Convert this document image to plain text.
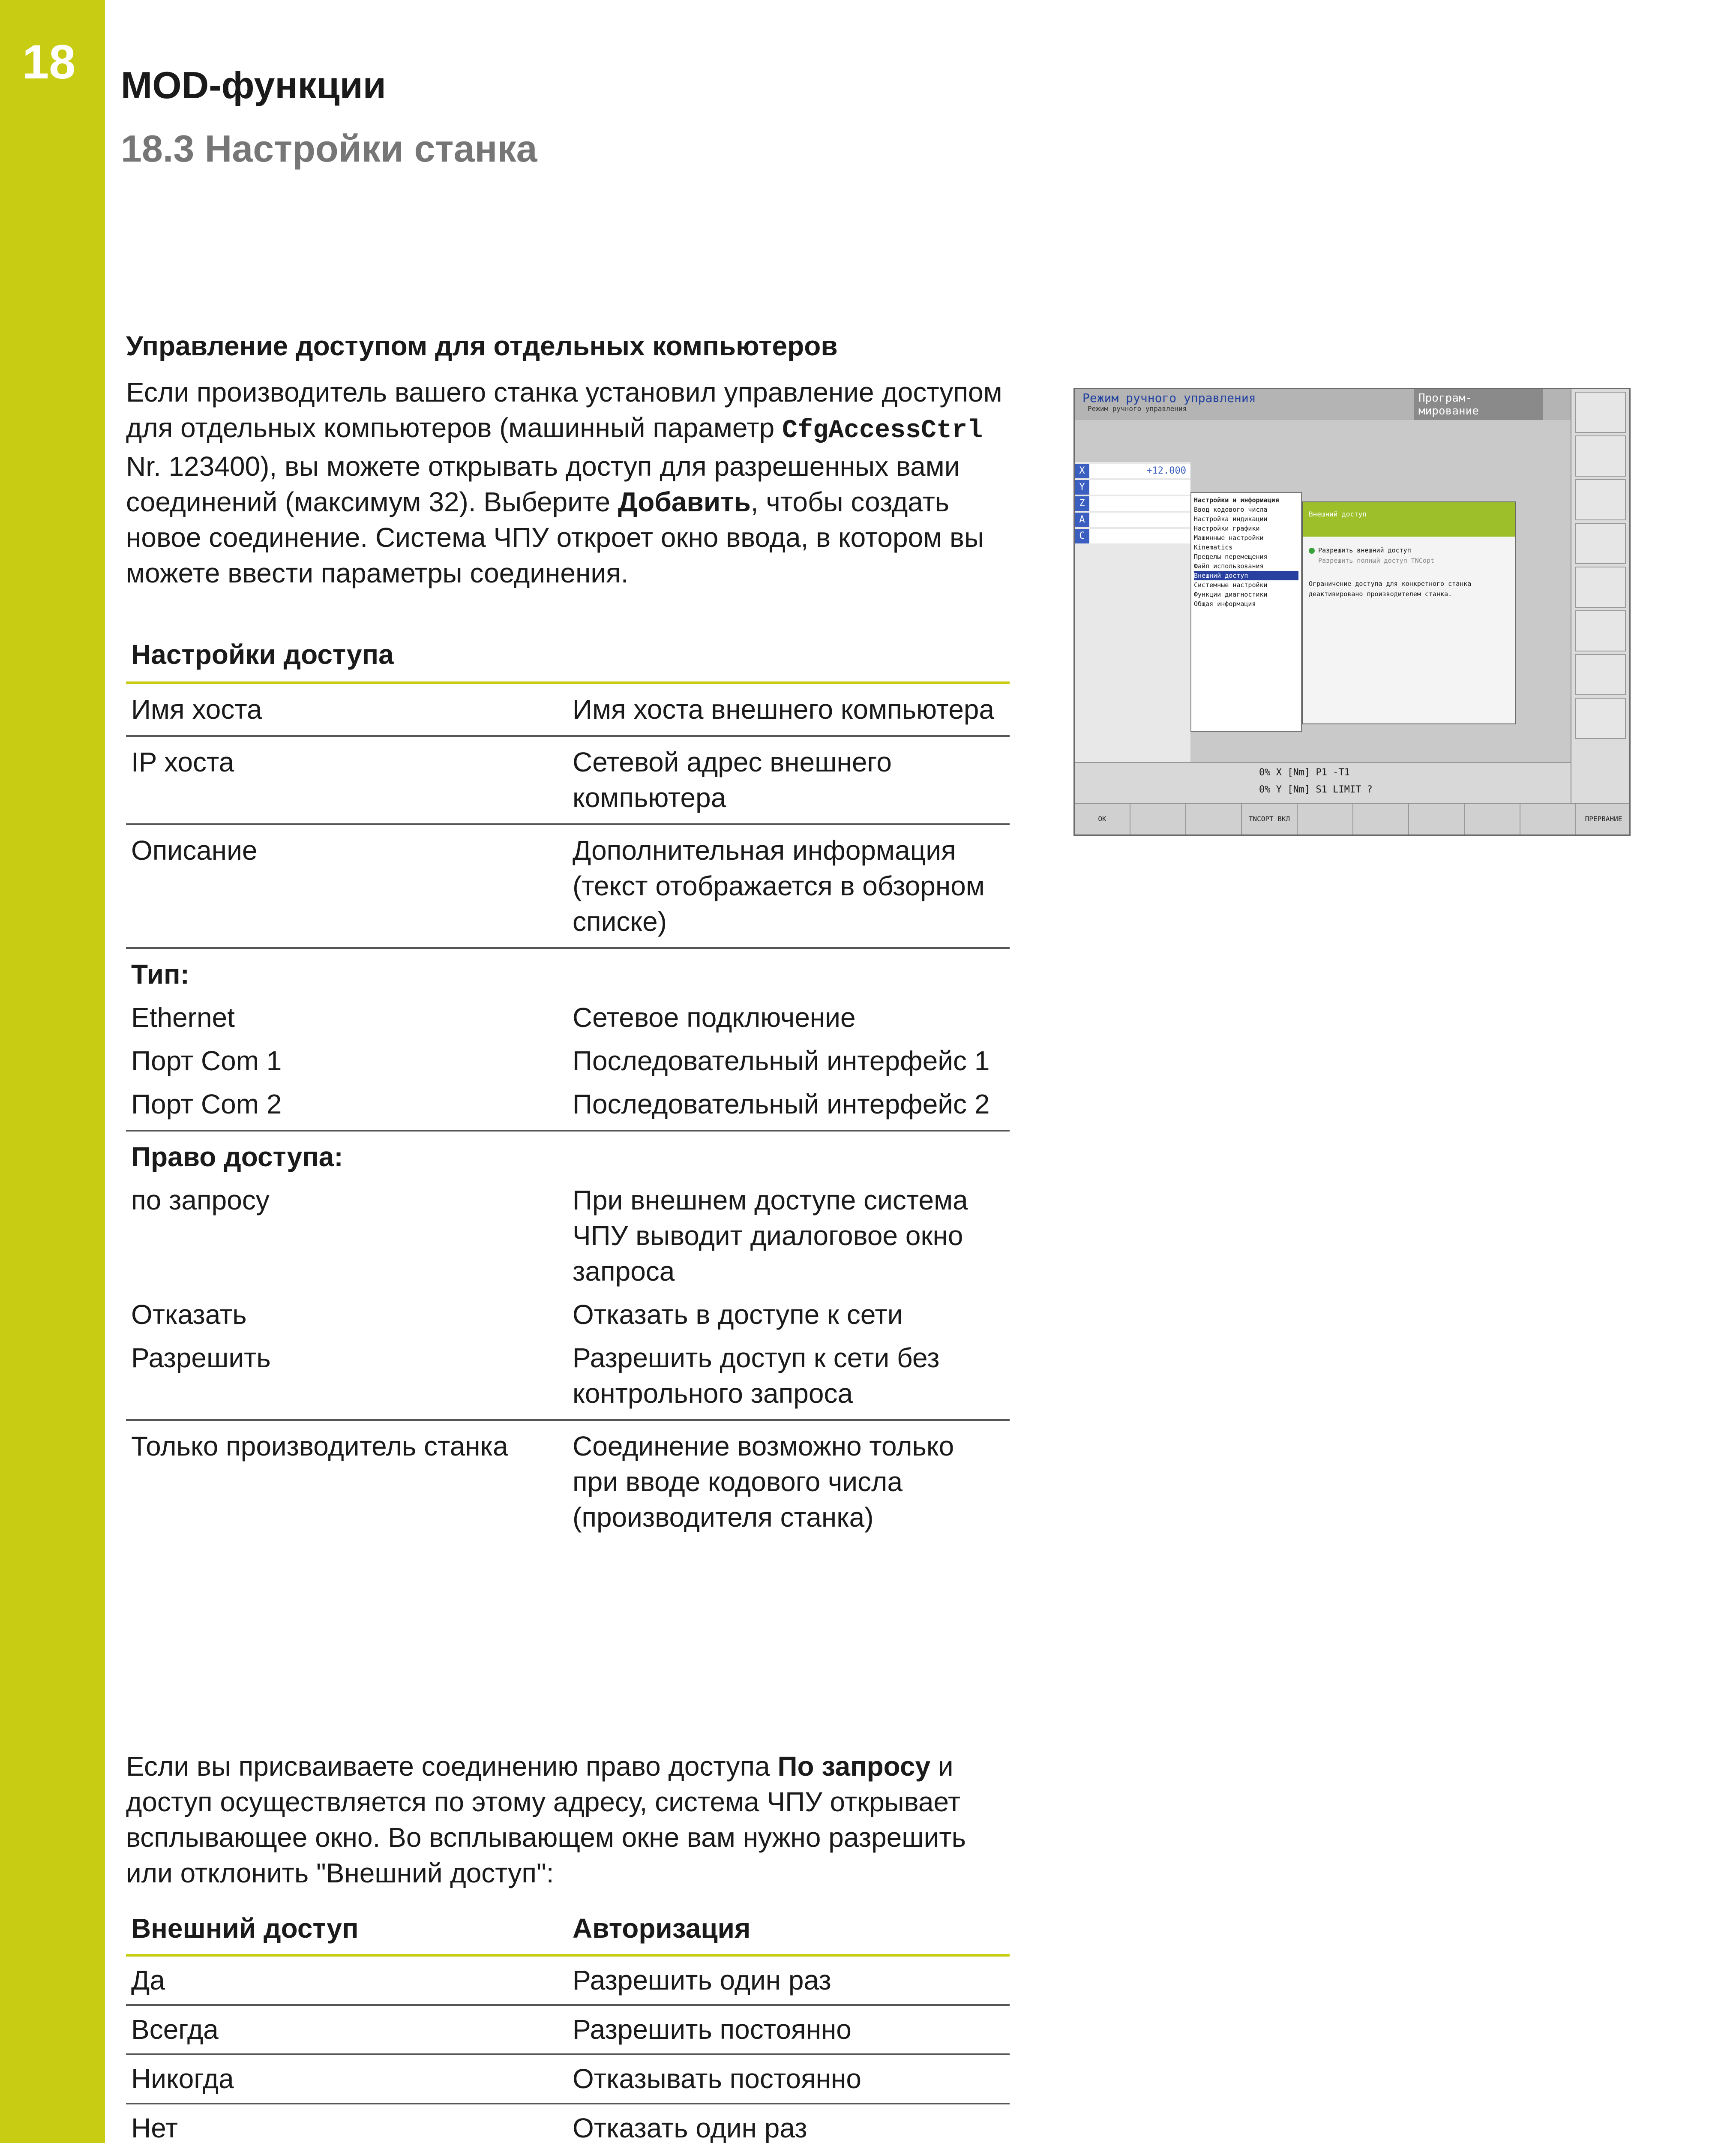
18 MOD-функции
18.3 Настройки станка
Управление доступом для отдельных компьютеров

Если производитель вашего станка установил управление доступом для отдельных компьютеров (машинный параметр CfgAccessCtrl Nr. 123400), вы можете открывать доступ для разрешенных вами соединений (максимум 32). Выберите Добавить, чтобы создать новое соединение. Система ЧПУ откроет окно ввода, в котором вы можете ввести параметры соединения.

Настройки доступа
Имя хоста	Имя хоста внешнего компьютера
IP хоста	Сетевой адрес внешнего компьютера
Описание	Дополнительная информация (текст отображается в обзорном списке)
Тип:
Ethernet	Сетевое подключение
Порт Com 1	Последовательный интерфейс 1
Порт Com 2	Последовательный интерфейс 2
Право доступа:
по запросу	При внешнем доступе система ЧПУ выводит диалоговое окно запроса
Отказать	Отказать в доступе к сети
Разрешить	Разрешить доступ к сети без контрольного запроса
Только производитель станка	Соединение возможно только при вводе кодового числа (производителя станка)

Если вы присваиваете соединению право доступа По запросу и доступ осуществляется по этому адресу, система ЧПУ открывает всплывающее окно. Во всплывающем окне вам нужно разрешить или отклонить "Внешний доступ":

Внешний доступ	Авторизация
Да	Разрешить один раз
Всегда	Разрешить постоянно
Никогда	Отказывать постоянно
Нет	Отказать один раз
Режим ручного управления
Режим ручного управления
Програм- мирование
X	+12.000
Y
Z
A
C
Настройки и информация
Ввод кодового числа
Настройка индикации
Настройки графики
Машинные настройки
Kinematics
Пределы перемещения
Файл использования
Внешний доступ
Системные настройки
Функции диагностики
Общая информация
Внешний доступ
Разрешить внешний доступ
Разрешить полный доступ TNCopt
Ограничение доступа для конкретного станка деактивировано производителем станка.
0% X [Nm] P1 -T1
0% Y [Nm] S1 LIMIT ?
OK	TNCOPT ВКЛ	ПРЕРВАНИЕ
